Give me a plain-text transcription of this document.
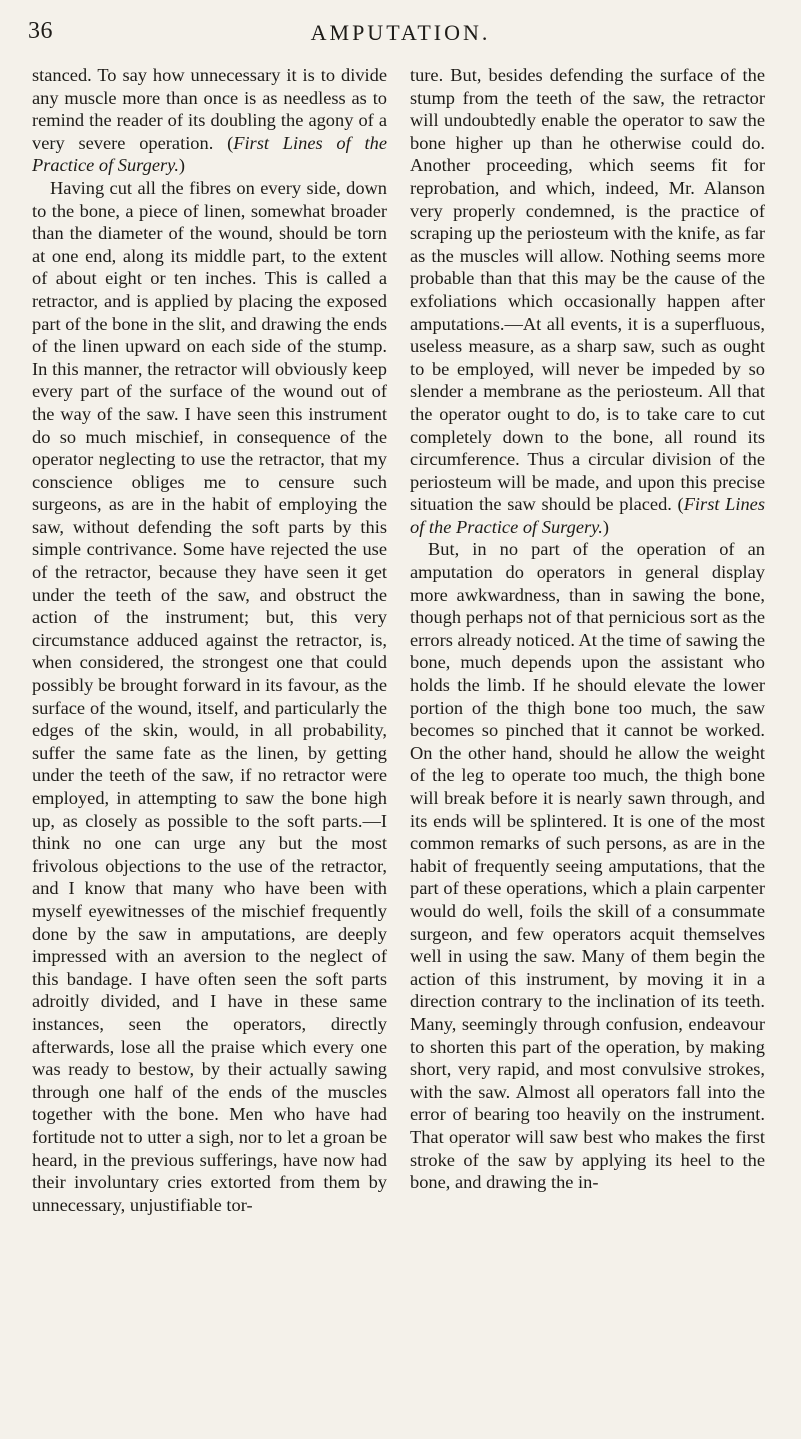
36	AMPUTATION.

stanced. To say how unnecessary it is to divide any muscle more than once is as needless as to remind the reader of its doubling the agony of a very severe operation. (First Lines of the Practice of Surgery.)

Having cut all the fibres on every side, down to the bone, a piece of linen, somewhat broader than the diameter of the wound, should be torn at one end, along its middle part, to the extent of about eight or ten inches. This is called a retractor, and is applied by placing the exposed part of the bone in the slit, and drawing the ends of the linen upward on each side of the stump. In this manner, the retractor will obviously keep every part of the surface of the wound out of the way of the saw. I have seen this instrument do so much mischief, in consequence of the operator neglecting to use the retractor, that my conscience obliges me to censure such surgeons, as are in the habit of employing the saw, without defending the soft parts by this simple contrivance. Some have rejected the use of the retractor, because they have seen it get under the teeth of the saw, and obstruct the action of the instrument; but, this very circumstance adduced against the retractor, is, when considered, the strongest one that could possibly be brought forward in its favour, as the surface of the wound, itself, and particularly the edges of the skin, would, in all probability, suffer the same fate as the linen, by getting under the teeth of the saw, if no retractor were employed, in attempting to saw the bone high up, as closely as possible to the soft parts.—I think no one can urge any but the most frivolous objections to the use of the retractor, and I know that many who have been with myself eyewitnesses of the mischief frequently done by the saw in amputations, are deeply impressed with an aversion to the neglect of this bandage. I have often seen the soft parts adroitly divided, and I have in these same instances, seen the operators, directly afterwards, lose all the praise which every one was ready to bestow, by their actually sawing through one half of the ends of the muscles together with the bone. Men who have had fortitude not to utter a sigh, nor to let a groan be heard, in the previous sufferings, have now had their involuntary cries extorted from them by unnecessary, unjustifiable tor-

ture. But, besides defending the surface of the stump from the teeth of the saw, the retractor will undoubtedly enable the operator to saw the bone higher up than he otherwise could do. Another proceeding, which seems fit for reprobation, and which, indeed, Mr. Alanson very properly condemned, is the practice of scraping up the periosteum with the knife, as far as the muscles will allow. Nothing seems more probable than that this may be the cause of the exfoliations which occasionally happen after amputations.—At all events, it is a superfluous, useless measure, as a sharp saw, such as ought to be employed, will never be impeded by so slender a membrane as the periosteum. All that the operator ought to do, is to take care to cut completely down to the bone, all round its circumference. Thus a circular division of the periosteum will be made, and upon this precise situation the saw should be placed. (First Lines of the Practice of Surgery.)

But, in no part of the operation of an amputation do operators in general display more awkwardness, than in sawing the bone, though perhaps not of that pernicious sort as the errors already noticed. At the time of sawing the bone, much depends upon the assistant who holds the limb. If he should elevate the lower portion of the thigh bone too much, the saw becomes so pinched that it cannot be worked. On the other hand, should he allow the weight of the leg to operate too much, the thigh bone will break before it is nearly sawn through, and its ends will be splintered. It is one of the most common remarks of such persons, as are in the habit of frequently seeing amputations, that the part of these operations, which a plain carpenter would do well, foils the skill of a consummate surgeon, and few operators acquit themselves well in using the saw. Many of them begin the action of this instrument, by moving it in a direction contrary to the inclination of its teeth. Many, seemingly through confusion, endeavour to shorten this part of the operation, by making short, very rapid, and most convulsive strokes, with the saw. Almost all operators fall into the error of bearing too heavily on the instrument. That operator will saw best who makes the first stroke of the saw by applying its heel to the bone, and drawing the in-
